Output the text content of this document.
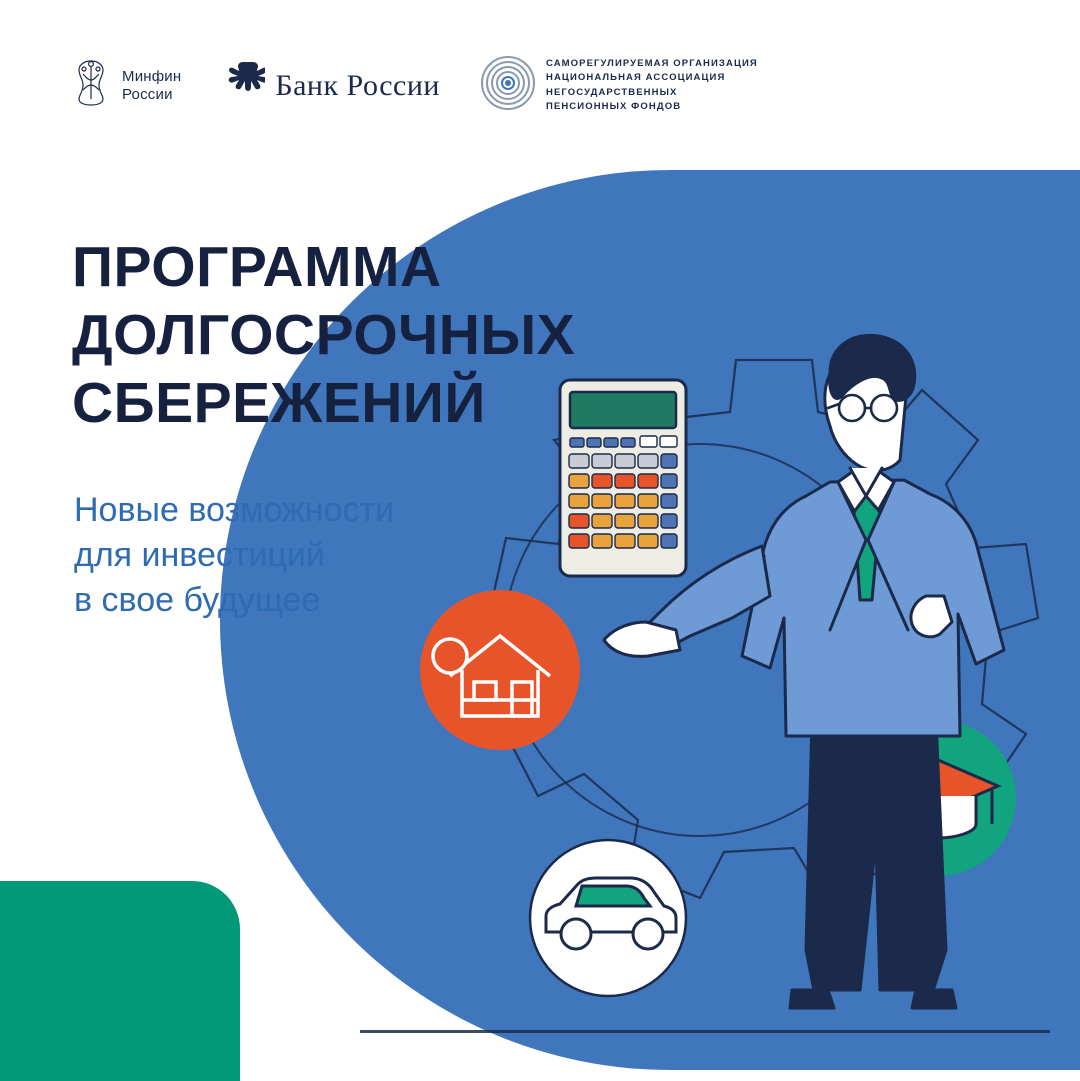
Минфин
России	Банк России
САМОРЕГУЛИРУЕМАЯ ОРГАНИЗАЦИЯ
НАЦИОНАЛЬНАЯ АССОЦИАЦИЯ
НЕГОСУДАРСТВЕННЫХ
ПЕНСИОННЫХ ФОНДОВ
ПРОГРАММА
ДОЛГОСРОЧНЫХ
СБЕРЕЖЕНИЙ
Новые возможности
для инвестиций
в свое будущее
